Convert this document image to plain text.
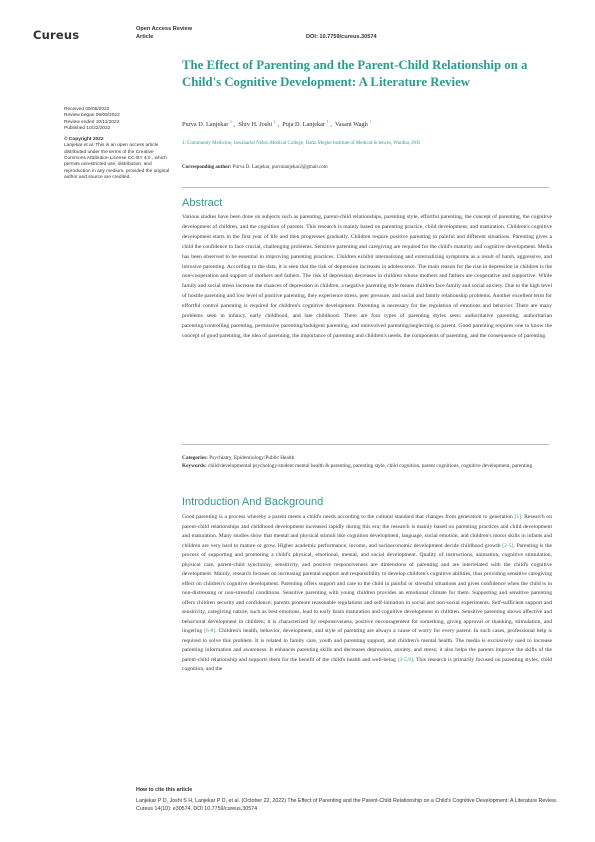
Cureus	Open Access Review
Article	DOI: 10.7759/cureus.30574
The Effect of Parenting and the Parent-Child Relationship on a Child's Cognitive Development: A Literature Review
Received 09/05/2022
Review began 09/09/2022
Review ended 10/11/2022
Published 10/22/2022
© Copyright 2022
Lanjekar et al. This is an open access article distributed under the terms of the Creative Commons Attribution License CC-BY 4.0., which permits unrestricted use, distribution, and reproduction in any medium, provided the original author and source are credited.
Purva D. Lanjekar $^1$ ,  Shiv H. Joshi $^1$ ,  Puja D. Lanjekar $^1$ ,  Vasant Wagh $^1$
1. Community Medicine, Jawaharlal Nehru Medical College, Datta Meghe Institute of Medical Sciences, Wardha, IND
Corresponding author: Purva D. Lanjekar, purvalanjekar2@gmail.com
Abstract
Various studies have been done on subjects such as parenting, parent-child relationships, parenting style, effortful parenting, the concept of parenting, the cognitive development of children, and the cognition of parents. This research is mainly based on parenting practice, child development, and maturation. Children's cognitive development starts in the first year of life and then progresses gradually. Children require positive parenting in painful and different situations. Parenting gives a child the confidence to face crucial, challenging problems. Sensitive parenting and caregiving are required for the child's maturity and cognitive development. Media has been observed to be essential in improving parenting practices. Children exhibit internalizing and externalizing symptoms as a result of harsh, aggressive, and intrusive parenting. According to the data, it is seen that the risk of depression increases in adolescence. The main reason for the rise in depression in children is the non-cooperation and support of mothers and fathers. The risk of depression decreases in children whose mothers and fathers are cooperative and supportive. While family and social stress increase the chances of depression in children, a negative parenting style means children face family and social anxiety. Due to the high level of hostile parenting and low level of positive parenting, they experience stress, peer pressure, and social and family relationship problems. Another excellent term for effortful control parenting is required for children's cognitive development. Parenting is necessary for the regulation of emotions and behavior. There are many problems seen in infancy, early childhood, and late childhood. There are four types of parenting styles seen: authoritative parenting, authoritarian parenting/controlling parenting, permissive parenting/indulgent parenting, and uninvolved parenting/neglecting to parent. Good parenting requires one to know the concept of good parenting, the idea of parenting, the importance of parenting and children's needs, the components of parenting, and the consequence of parenting.
Categories: Psychiatry, Epidemiology/Public Health
Keywords: child/developmental psychology/student mental health & parenting, parenting style, child cognition, parent cognitions, cognitive development, parenting
Introduction And Background
Good parenting is a process whereby a parent meets a child's needs according to the cultural standard that changes from generation to generation [1]. Research on parent-child relationships and childhood development increased rapidly during this era; the research is mainly based on parenting practices and child development and maturation. Many studies show that mental and physical stimuli like cognition development, language, social emotion, and children's motor skills in infants and children are very hard to mature or grow. Higher academic performance, income, and socioeconomic development decide childhood growth [2-5]. Parenting is the process of supporting and promoting a child's physical, emotional, mental, and social development. Quality of instructions, animation, cognitive stimulation, physical care, parent-child synchrony, sensitivity, and positive responsiveness are dimensions of parenting and are interrelated with the child's cognitive development. Mainly, research focuses on increasing parental support and responsibility to develop children's cognitive abilities, thus providing sensitive caregiving effect on children's cognitive development. Parenting offers support and care to the child in painful or stressful situations and gives confidence when the child is in non-distressing or non-stressful conditions. Sensitive parenting with young children provides an emotional climate for them. Supporting and sensitive parenting offers children security and confidence; parents promote reasonable regulations and self-initiation in social and non-social experiments. Self-sufficient support and sensitivity, caregiving nature, such as best emotions, lead to early brain maturation and cognitive development in children. Sensitive parenting shows affective and behavioral development in children; it is characterized by responsiveness, positive encouragement for something, giving approval or thanking, stimulation, and lingering [6-8]. Children's health, behavior, development, and style of parenting are always a cause of worry for every parent. In such cases, professional help is required to solve this problem. It is related to family care, youth and parenting support, and children's mental health. The media is exclusively used to increase parenting information and awareness. It enhances parenting skills and decreases depression, anxiety, and stress; it also helps the parents improve the skills of the parent-child relationship and supports them for the benefit of the child's health and well-being [3-5,9]. This research is primarily focused on parenting styles, child cognition, and the
How to cite this article
Lanjekar P D, Joshi S H, Lanjekar P D, et al. (October 22, 2022) The Effect of Parenting and the Parent-Child Relationship on a Child's Cognitive Development: A Literature Review. Cureus 14(10): e30574. DOI 10.7759/cureus.30574
